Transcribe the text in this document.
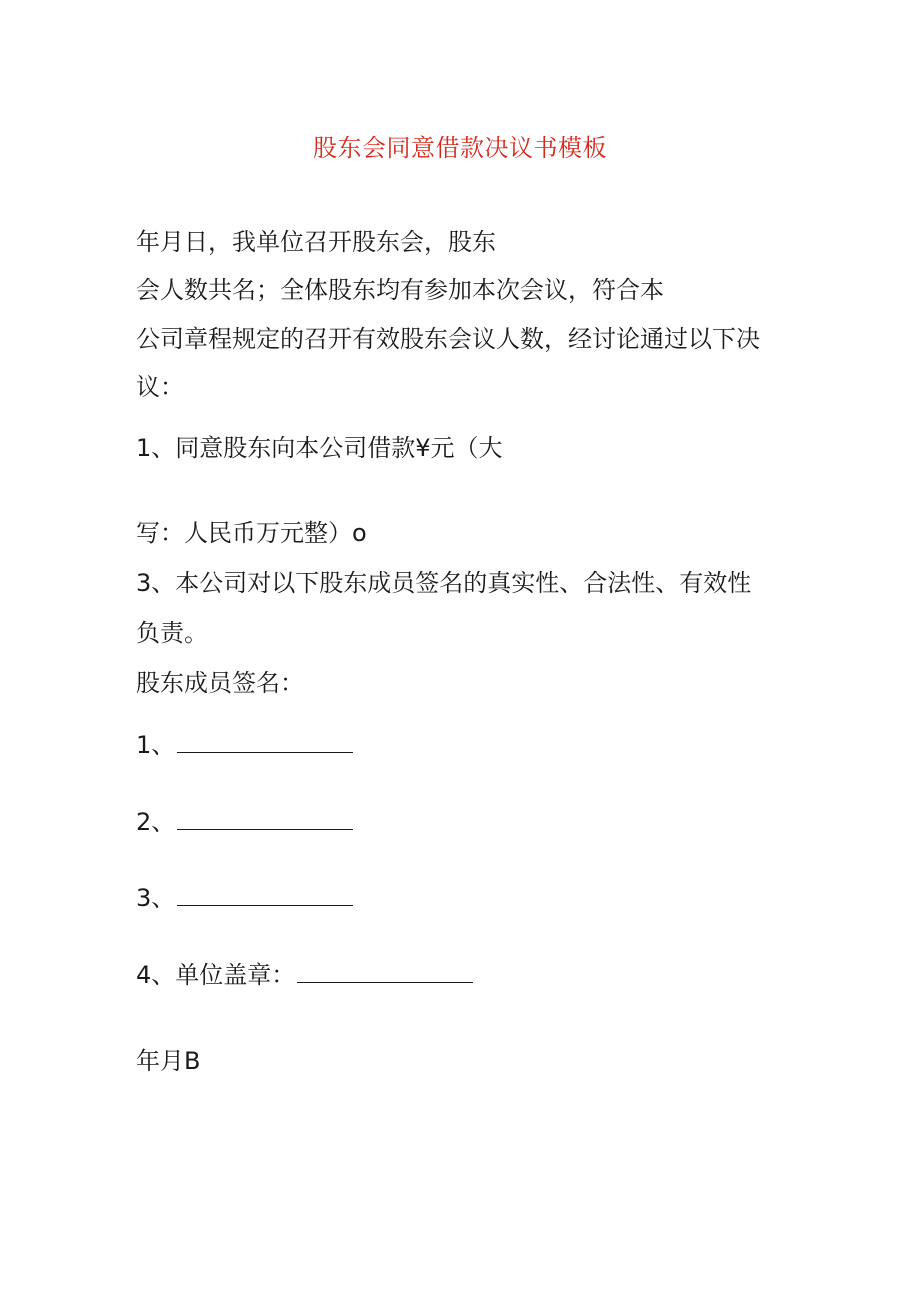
股东会同意借款决议书模板
年月日，我单位召开股东会，股东
会人数共名；全体股东均有参加本次会议，符合本
公司章程规定的召开有效股东会议人数，经讨论通过以下决
议：
1、同意股东向本公司借款¥元（大
写：人民币万元整）o
3、本公司对以下股东成员签名的真实性、合法性、有效性
负责。
股东成员签名：
1、
2、
3、
4、单位盖章：
年月B
